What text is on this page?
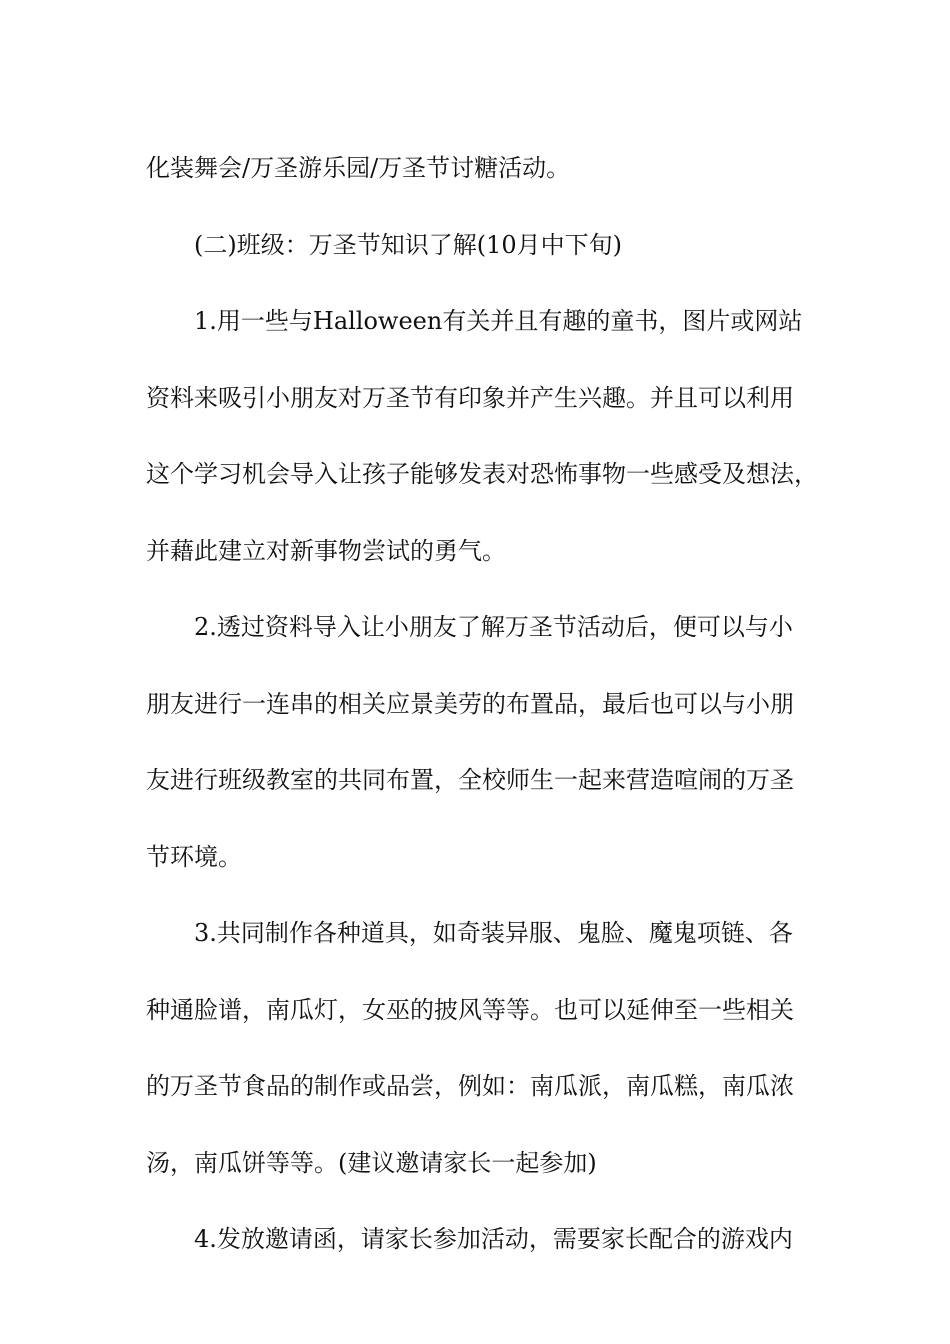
化装舞会/万圣游乐园/万圣节讨糖活动。
(二)班级：万圣节知识了解(10月中下旬)
1.用一些与Halloween有关并且有趣的童书，图片或网站
资料来吸引小朋友对万圣节有印象并产生兴趣。并且可以利用
这个学习机会导入让孩子能够发表对恐怖事物一些感受及想法，
并藉此建立对新事物尝试的勇气。
2.透过资料导入让小朋友了解万圣节活动后，便可以与小
朋友进行一连串的相关应景美劳的布置品，最后也可以与小朋
友进行班级教室的共同布置，全校师生一起来营造喧闹的万圣
节环境。
3.共同制作各种道具，如奇装异服、鬼脸、魔鬼项链、各
种通脸谱，南瓜灯，女巫的披风等等。也可以延伸至一些相关
的万圣节食品的制作或品尝，例如：南瓜派，南瓜糕，南瓜浓
汤，南瓜饼等等。(建议邀请家长一起参加)
4.发放邀请函，请家长参加活动，需要家长配合的游戏内
